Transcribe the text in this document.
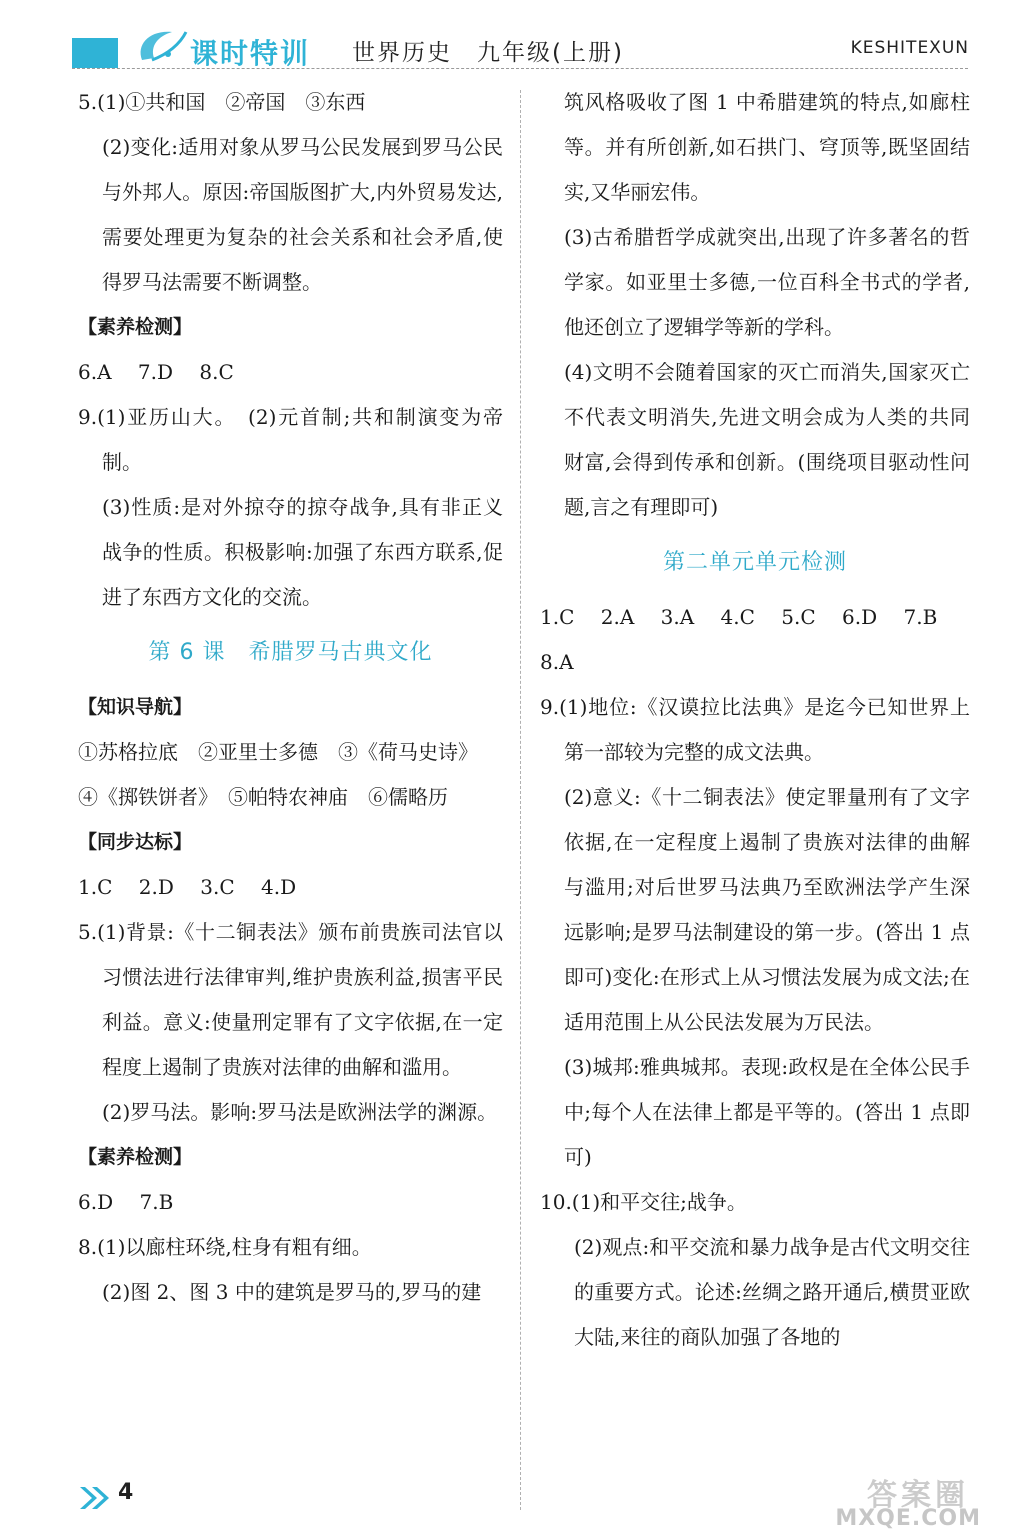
课时特训 世界历史　九年级(上册)	KESHITEXUN

5.(1)①共和国　②帝国　③东西

(2)变化:适用对象从罗马公民发展到罗马公民与外邦人。原因:帝国版图扩大,内外贸易发达,需要处理更为复杂的社会关系和社会矛盾,使得罗马法需要不断调整。

【素养检测】

6.A 7.D 8.C

9.(1)亚历山大。　(2)元首制;共和制演变为帝制。

(3)性质:是对外掠夺的掠夺战争,具有非正义战争的性质。积极影响:加强了东西方联系,促进了东西方文化的交流。

第 6 课　希腊罗马古典文化

【知识导航】

①苏格拉底　②亚里士多德　③《荷马史诗》

④《掷铁饼者》　⑤帕特农神庙　⑥儒略历

【同步达标】

1.C 2.D 3.C 4.D

5.(1)背景:《十二铜表法》颁布前贵族司法官以习惯法进行法律审判,维护贵族利益,损害平民利益。意义:使量刑定罪有了文字依据,在一定程度上遏制了贵族对法律的曲解和滥用。

(2)罗马法。影响:罗马法是欧洲法学的渊源。

【素养检测】

6.D 7.B

8.(1)以廊柱环绕,柱身有粗有细。

(2)图 2、图 3 中的建筑是罗马的,罗马的建

筑风格吸收了图 1 中希腊建筑的特点,如廊柱等。并有所创新,如石拱门、穹顶等,既坚固结实,又华丽宏伟。

(3)古希腊哲学成就突出,出现了许多著名的哲学家。如亚里士多德,一位百科全书式的学者,他还创立了逻辑学等新的学科。

(4)文明不会随着国家的灭亡而消失,国家灭亡不代表文明消失,先进文明会成为人类的共同财富,会得到传承和创新。(围绕项目驱动性问题,言之有理即可)

第二单元单元检测

1.C 2.A 3.A 4.C 5.C 6.D 7.B

8.A

9.(1)地位:《汉谟拉比法典》是迄今已知世界上第一部较为完整的成文法典。

(2)意义:《十二铜表法》使定罪量刑有了文字依据,在一定程度上遏制了贵族对法律的曲解与滥用;对后世罗马法典乃至欧洲法学产生深远影响;是罗马法制建设的第一步。(答出 1 点即可)变化:在形式上从习惯法发展为成文法;在适用范围上从公民法发展为万民法。

(3)城邦:雅典城邦。表现:政权是在全体公民手中;每个人在法律上都是平等的。(答出 1 点即可)

10.(1)和平交往;战争。

(2)观点:和平交流和暴力战争是古代文明交往的重要方式。论述:丝绸之路开通后,横贯亚欧大陆,来往的商队加强了各地的

4	答案圈
MXQE.COM
